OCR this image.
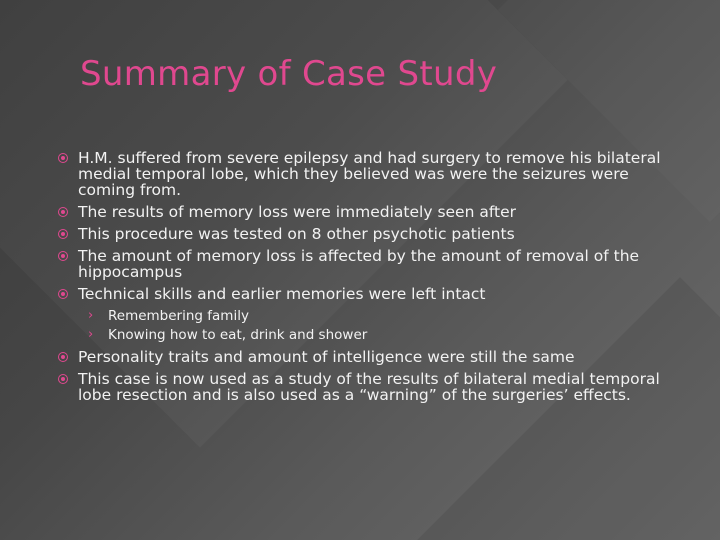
Summary of Case Study
H.M. suffered from severe epilepsy and had surgery to remove his bilateral medial temporal lobe, which they believed was were the seizures were coming from.
The results of memory loss were immediately seen after
This procedure was tested on 8 other psychotic patients
The amount of memory loss is affected by the amount of removal of the hippocampus
Technical skills and earlier memories were left intact
› Remembering family
› Knowing how to eat, drink and shower
Personality traits and amount of intelligence were still the same
This case is now used as a study of the results of bilateral medial temporal lobe resection and is also used as a “warning” of the surgeries’ effects.
